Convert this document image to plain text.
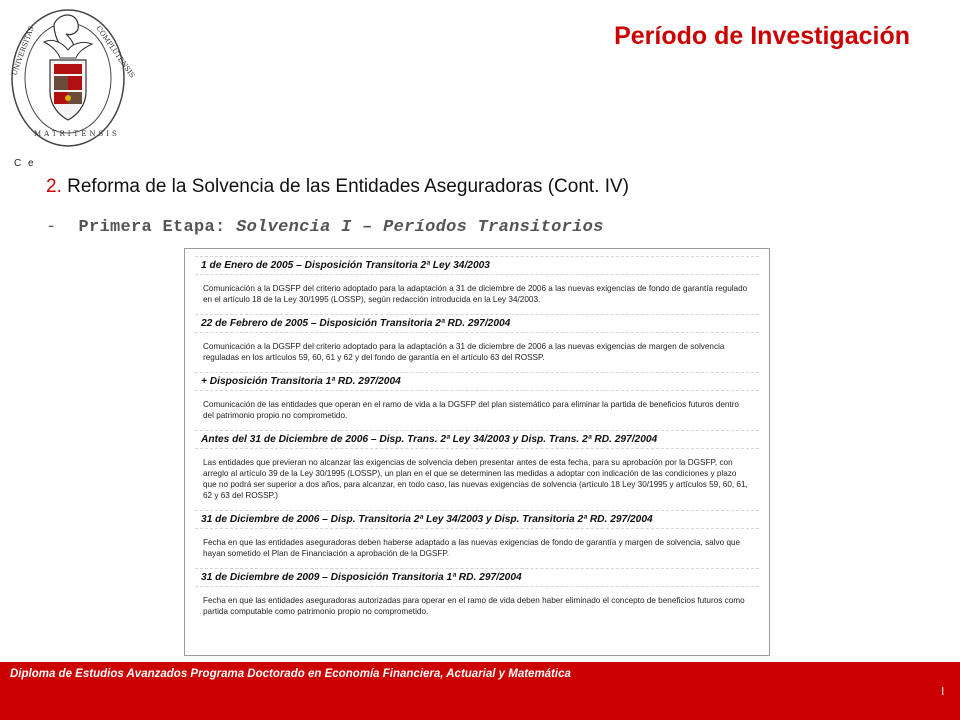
UNIVERSITAS	COMPLUTENSIS
MATRITENSIS
C e
Período de Investigación
2. Reforma de la Solvencia de las Entidades Aseguradoras (Cont. IV)
- Primera Etapa: Solvencia I – Períodos Transitorios
1 de Enero de 2005 – Disposición Transitoria 2ª Ley 34/2003
Comunicación a la DGSFP del criterio adoptado para la adaptación a 31 de diciembre de 2006 a las nuevas exigencias de fondo de garantía regulado en el artículo 18 de la Ley 30/1995 (LOSSP), según redacción introducida en la Ley 34/2003.
22 de Febrero de 2005 – Disposición Transitoria 2ª RD. 297/2004
Comunicación a la DGSFP del criterio adoptado para la adaptación a 31 de diciembre de 2006 a las nuevas exigencias de margen de solvencia reguladas en los artículos 59, 60, 61 y 62 y del fondo de garantía en el artículo 63 del ROSSP.
+ Disposición Transitoria 1ª RD. 297/2004
Comunicación de las entidades que operan en el ramo de vida a la DGSFP del plan sistemático para eliminar la partida de beneficios futuros dentro del patrimonio propio no comprometido.
Antes del 31 de Diciembre de 2006 – Disp. Trans. 2ª Ley 34/2003 y Disp. Trans. 2ª RD. 297/2004
Las entidades que previeran no alcanzar las exigencias de solvencia deben presentar antes de esta fecha, para su aprobación por la DGSFP, con arreglo al artículo 39 de la Ley 30/1995 (LOSSP), un plan en el que se determinen las medidas a adoptar con indicación de las condiciones y plazo que no podrá ser superior a dos años, para alcanzar, en todo caso, las nuevas exigencias de solvencia (artículo 18 Ley 30/1995 y artículos 59, 60, 61, 62 y 63 del ROSSP.)
31 de Diciembre de 2006 – Disp. Transitoria 2ª Ley 34/2003 y Disp. Transitoria 2ª RD. 297/2004
Fecha en que las entidades aseguradoras deben haberse adaptado a las nuevas exigencias de fondo de garantía y margen de solvencia, salvo que hayan sometido el Plan de Financiación a aprobación de la DGSFP.
31 de Diciembre de 2009 – Disposición Transitoria 1ª RD. 297/2004
Fecha en que las entidades aseguradoras autorizadas para operar en el ramo de vida deben haber eliminado el concepto de beneficios futuros como partida computable como patrimonio propio no comprometido.
Diploma de Estudios Avanzados Programa Doctorado en Economía Financiera, Actuarial y Matemática
l
